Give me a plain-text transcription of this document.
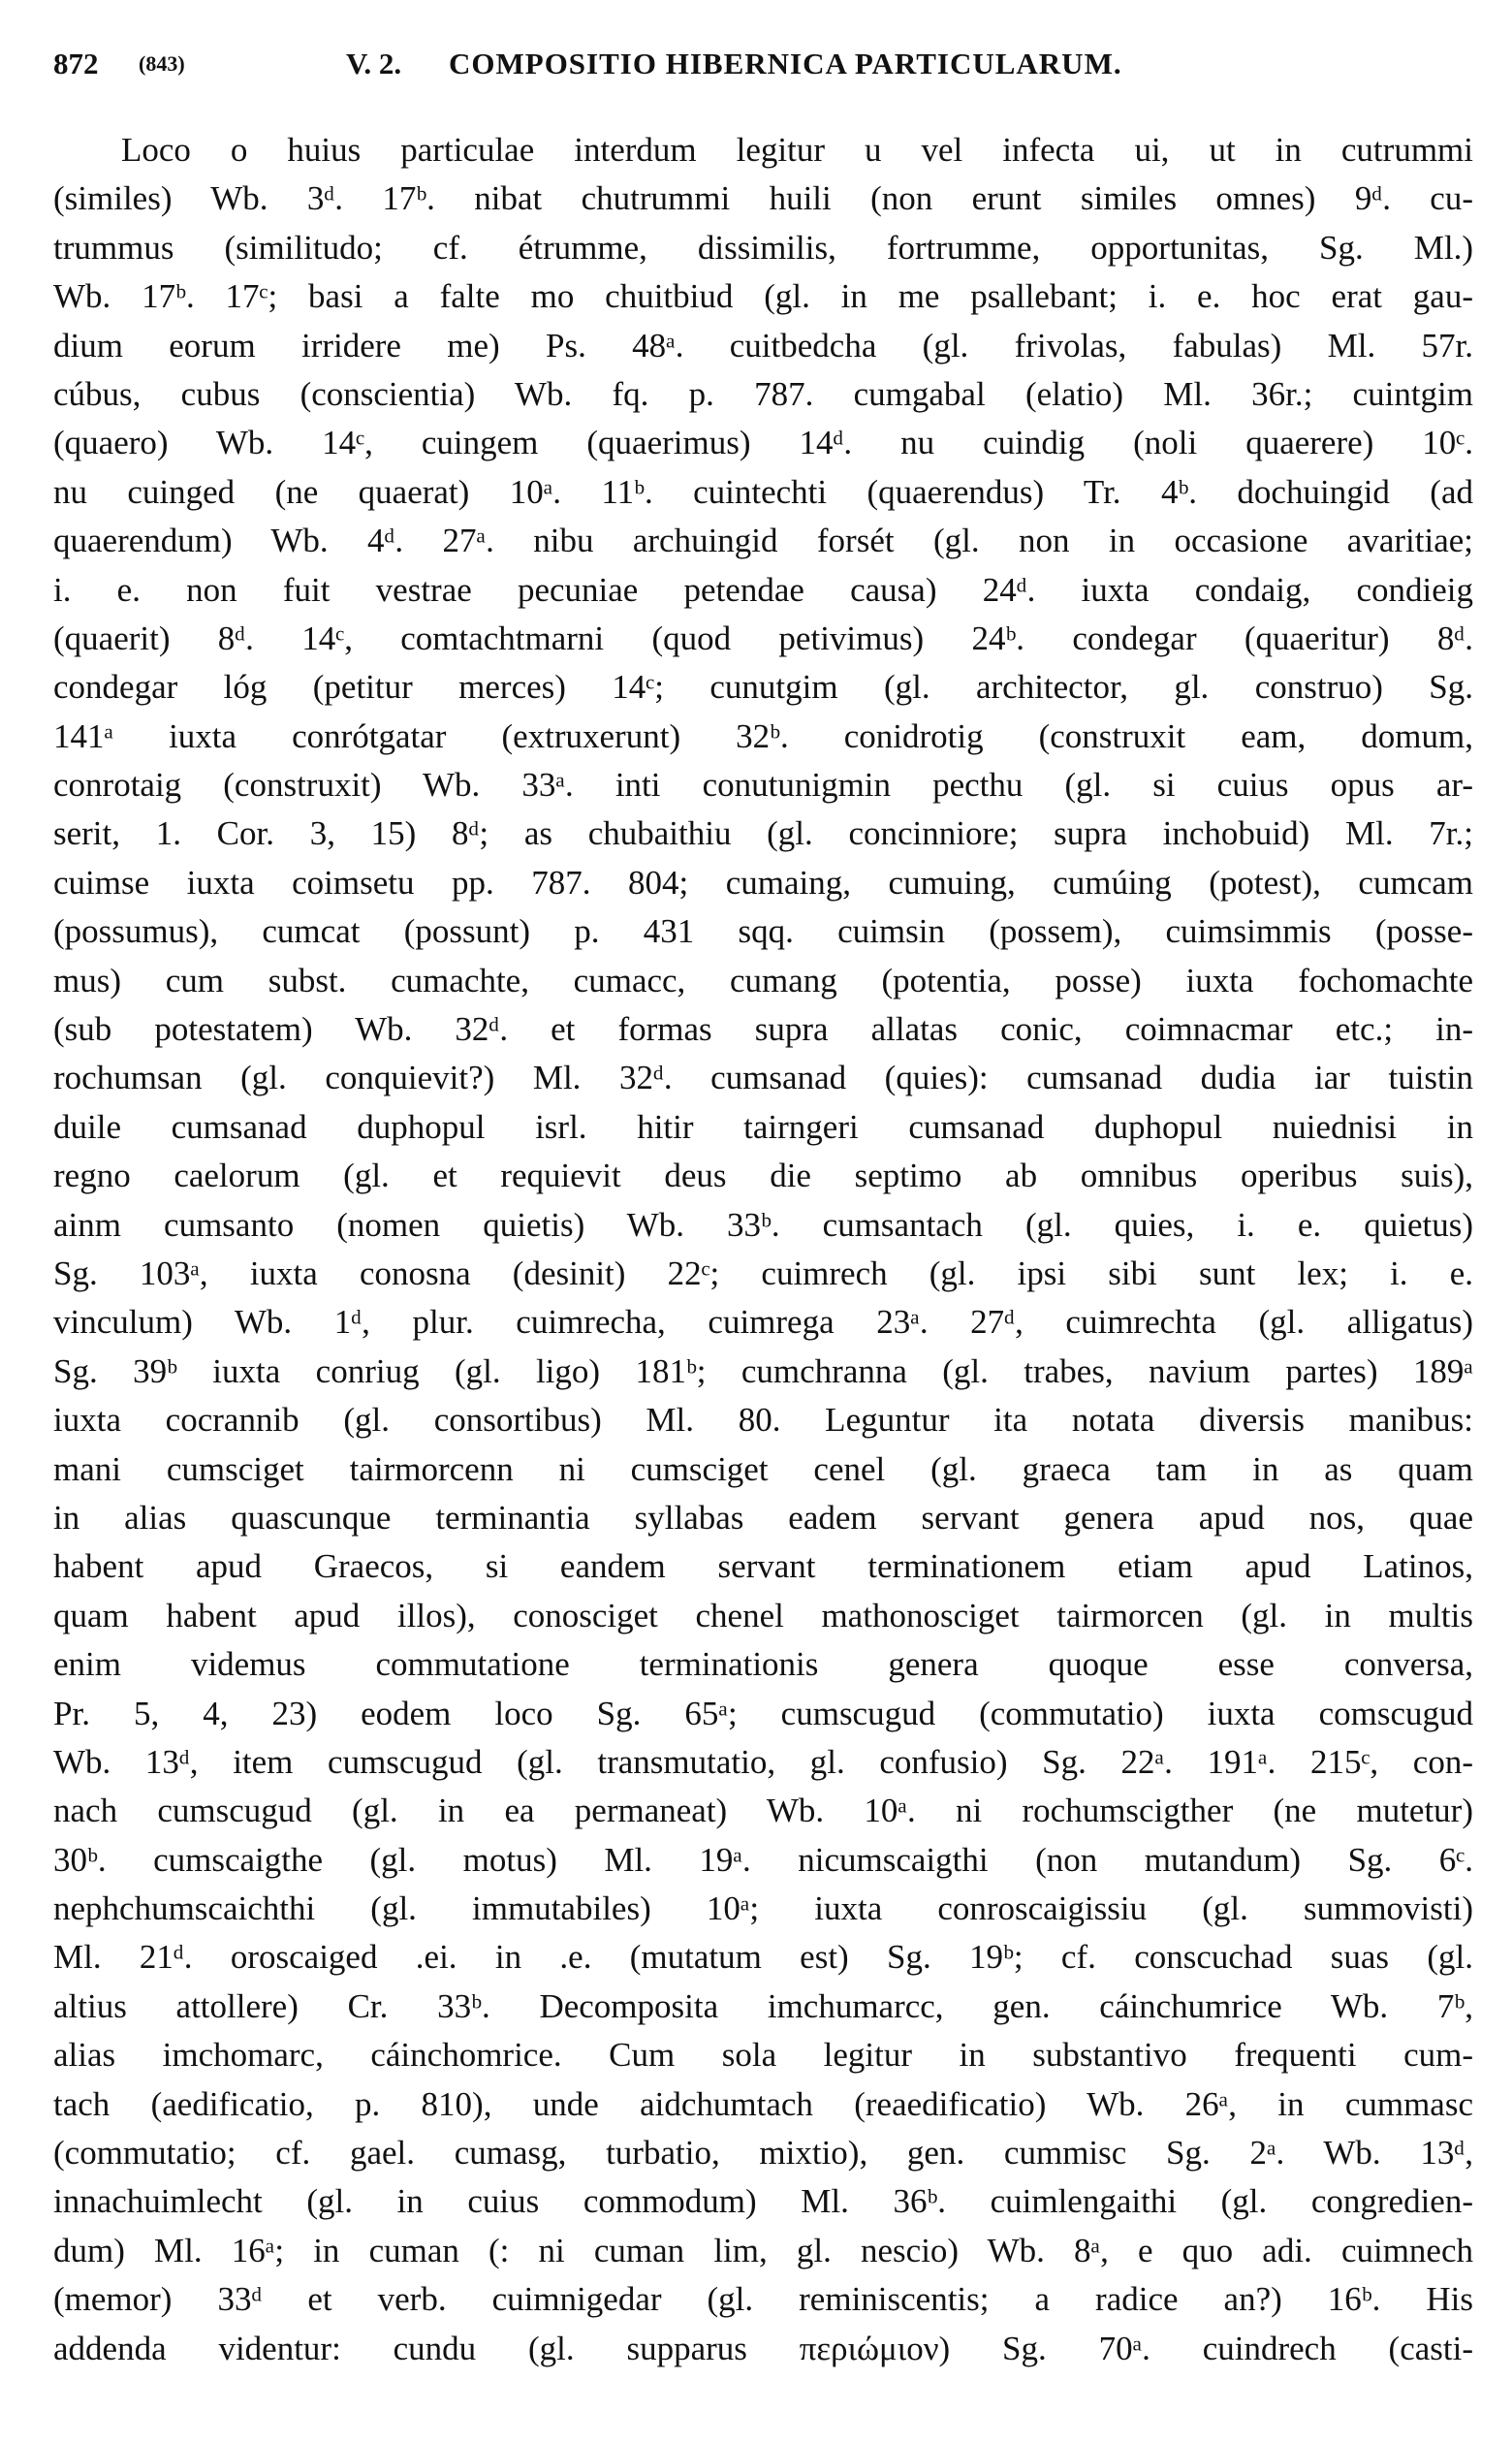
872 (843)	V. 2. COMPOSITIO HIBERNICA PARTICULARUM.
Loco o huius particulae interdum legitur u vel infecta ui, ut in cutrummi
(similes) Wb. 3ᵈ. 17ᵇ. nibat chutrummi huili (non erunt similes omnes) 9ᵈ. cu-
trummus (similitudo; cf. étrumme, dissimilis, fortrumme, opportunitas, Sg. Ml.)
Wb. 17ᵇ. 17ᶜ; basi a falte mo chuitbiud (gl. in me psallebant; i. e. hoc erat gau-
dium eorum irridere me) Ps. 48ᵃ. cuitbedcha (gl. frivolas, fabulas) Ml. 57r.
cúbus, cubus (conscientia) Wb. fq. p. 787. cumgabal (elatio) Ml. 36r.; cuintgim
(quaero) Wb. 14ᶜ, cuingem (quaerimus) 14ᵈ. nu cuindig (noli quaerere) 10ᶜ.
nu cuinged (ne quaerat) 10ᵃ. 11ᵇ. cuintechti (quaerendus) Tr. 4ᵇ. dochuingid (ad
quaerendum) Wb. 4ᵈ. 27ᵃ. nibu archuingid forsét (gl. non in occasione avaritiae;
i. e. non fuit vestrae pecuniae petendae causa) 24ᵈ. iuxta condaig, condieig
(quaerit) 8ᵈ. 14ᶜ, comtachtmarni (quod petivimus) 24ᵇ. condegar (quaeritur) 8ᵈ.
condegar lóg (petitur merces) 14ᶜ; cunutgim (gl. architector, gl. construo) Sg.
141ᵃ iuxta conrótgatar (extruxerunt) 32ᵇ. conidrotig (construxit eam, domum,
conrotaig (construxit) Wb. 33ᵃ. inti conutunigmin pecthu (gl. si cuius opus ar-
serit, 1. Cor. 3, 15) 8ᵈ; as chubaithiu (gl. concinniore; supra inchobuid) Ml. 7r.;
cuimse iuxta coimsetu pp. 787. 804; cumaing, cumuing, cumúing (potest), cumcam
(possumus), cumcat (possunt) p. 431 sqq. cuimsin (possem), cuimsimmis (posse-
mus) cum subst. cumachte, cumacc, cumang (potentia, posse) iuxta fochomachte
(sub potestatem) Wb. 32ᵈ. et formas supra allatas conic, coimnacmar etc.; in-
rochumsan (gl. conquievit?) Ml. 32ᵈ. cumsanad (quies): cumsanad dudia iar tuistin
duile cumsanad duphopul isrl. hitir tairngeri cumsanad duphopul nuiednisi in
regno caelorum (gl. et requievit deus die septimo ab omnibus operibus suis),
ainm cumsanto (nomen quietis) Wb. 33ᵇ. cumsantach (gl. quies, i. e. quietus)
Sg. 103ᵃ, iuxta conosna (desinit) 22ᶜ; cuimrech (gl. ipsi sibi sunt lex; i. e.
vinculum) Wb. 1ᵈ, plur. cuimrecha, cuimrega 23ᵃ. 27ᵈ, cuimrechta (gl. alligatus)
Sg. 39ᵇ iuxta conriug (gl. ligo) 181ᵇ; cumchranna (gl. trabes, navium partes) 189ᵃ
iuxta cocrannib (gl. consortibus) Ml. 80. Leguntur ita notata diversis manibus:
mani cumsciget tairmorcenn ni cumsciget cenel (gl. graeca tam in as quam
in alias quascunque terminantia syllabas eadem servant genera apud nos, quae
habent apud Graecos, si eandem servant terminationem etiam apud Latinos,
quam habent apud illos), conosciget chenel mathonosciget tairmorcen (gl. in multis
enim videmus commutatione terminationis genera quoque esse conversa,
Pr. 5, 4, 23) eodem loco Sg. 65ᵃ; cumscugud (commutatio) iuxta comscugud
Wb. 13ᵈ, item cumscugud (gl. transmutatio, gl. confusio) Sg. 22ᵃ. 191ᵃ. 215ᶜ, con-
nach cumscugud (gl. in ea permaneat) Wb. 10ᵃ. ni rochumscigther (ne mutetur)
30ᵇ. cumscaigthe (gl. motus) Ml. 19ᵃ. nicumscaigthi (non mutandum) Sg. 6ᶜ.
nephchumscaichthi (gl. immutabiles) 10ᵃ; iuxta conroscaigissiu (gl. summovisti)
Ml. 21ᵈ. oroscaiged .ei. in .e. (mutatum est) Sg. 19ᵇ; cf. conscuchad suas (gl.
altius attollere) Cr. 33ᵇ. Decomposita imchumarcc, gen. cáinchumrice Wb. 7ᵇ,
alias imchomarc, cáinchomrice. Cum sola legitur in substantivo frequenti cum-
tach (aedificatio, p. 810), unde aidchumtach (reaedificatio) Wb. 26ᵃ, in cummasc
(commutatio; cf. gael. cumasg, turbatio, mixtio), gen. cummisc Sg. 2ᵃ. Wb. 13ᵈ,
innachuimlecht (gl. in cuius commodum) Ml. 36ᵇ. cuimlengaithi (gl. congredien-
dum) Ml. 16ᵃ; in cuman (: ni cuman lim, gl. nescio) Wb. 8ᵃ, e quo adi. cuimnech
(memor) 33ᵈ et verb. cuimnigedar (gl. reminiscentis; a radice an?) 16ᵇ. His
addenda videntur: cundu (gl. supparus περιώμιον) Sg. 70ᵃ. cuindrech (casti-
